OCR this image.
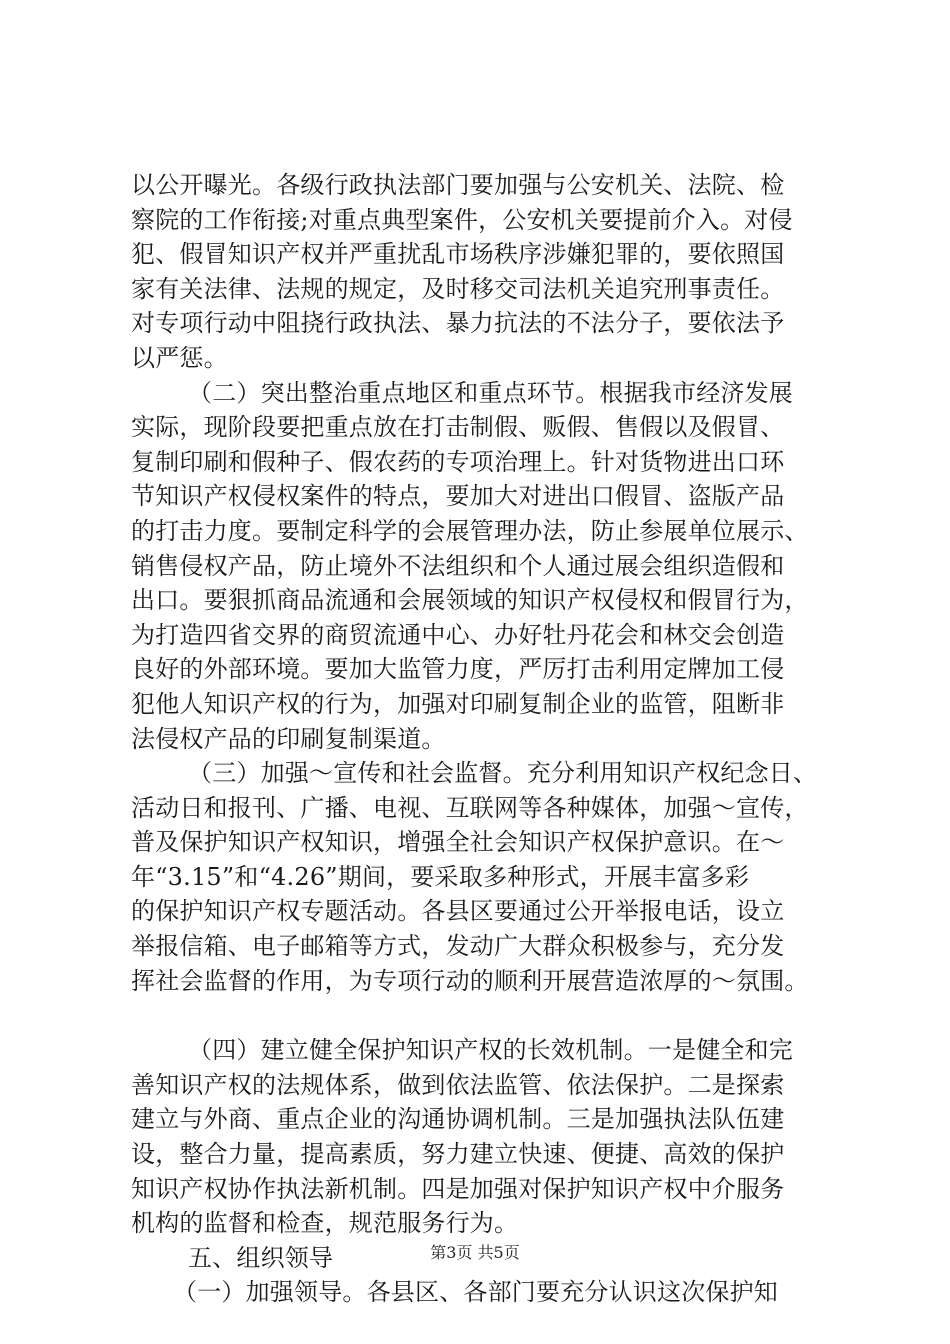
以公开曝光。各级行政执法部门要加强与公安机关、法院、检
察院的工作衔接;对重点典型案件，公安机关要提前介入。对侵
犯、假冒知识产权并严重扰乱市场秩序涉嫌犯罪的，要依照国
家有关法律、法规的规定，及时移交司法机关追究刑事责任。
对专项行动中阻挠行政执法、暴力抗法的不法分子，要依法予
以严惩。
（二）突出整治重点地区和重点环节。根据我市经济发展
实际，现阶段要把重点放在打击制假、贩假、售假以及假冒、
复制印刷和假种子、假农药的专项治理上。针对货物进出口环
节知识产权侵权案件的特点，要加大对进出口假冒、盗版产品
的打击力度。要制定科学的会展管理办法，防止参展单位展示、
销售侵权产品，防止境外不法组织和个人通过展会组织造假和
出口。要狠抓商品流通和会展领域的知识产权侵权和假冒行为，
为打造四省交界的商贸流通中心、办好牡丹花会和林交会创造
良好的外部环境。要加大监管力度，严厉打击利用定牌加工侵
犯他人知识产权的行为，加强对印刷复制企业的监管，阻断非
法侵权产品的印刷复制渠道。
（三）加强～宣传和社会监督。充分利用知识产权纪念日、
活动日和报刊、广播、电视、互联网等各种媒体，加强～宣传，
普及保护知识产权知识，增强全社会知识产权保护意识。在～
年“3.15”和“4.26”期间，要采取多种形式，开展丰富多彩
的保护知识产权专题活动。各县区要通过公开举报电话，设立
举报信箱、电子邮箱等方式，发动广大群众积极参与，充分发
挥社会监督的作用，为专项行动的顺利开展营造浓厚的～氛围。
（四）建立健全保护知识产权的长效机制。一是健全和完
善知识产权的法规体系，做到依法监管、依法保护。二是探索
建立与外商、重点企业的沟通协调机制。三是加强执法队伍建
设，整合力量，提高素质，努力建立快速、便捷、高效的保护
知识产权协作执法新机制。四是加强对保护知识产权中介服务
机构的监督和检查，规范服务行为。
五、组织领导
（一）加强领导。各县区、各部门要充分认识这次保护知
第3页 共5页
